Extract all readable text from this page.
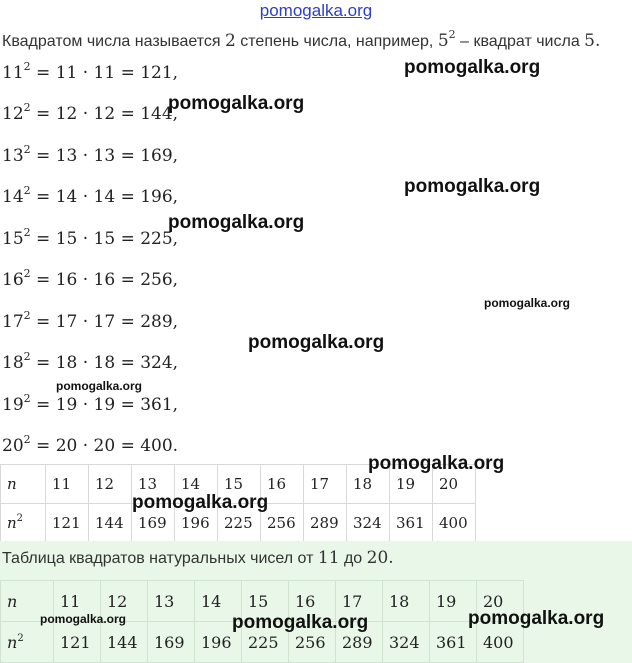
pomogalka.org
Квадратом числа называется 2 степень числа, например, $5^2$ – квадрат числа 5.
$11^2 = 11 \cdot 11 = 121$,
$12^2 = 12 \cdot 12 = 144$,
$13^2 = 13 \cdot 13 = 169$,
$14^2 = 14 \cdot 14 = 196$,
$15^2 = 15 \cdot 15 = 225$,
$16^2 = 16 \cdot 16 = 256$,
$17^2 = 17 \cdot 17 = 289$,
$18^2 = 18 \cdot 18 = 324$,
$19^2 = 19 \cdot 19 = 361$,
$20^2 = 20 \cdot 20 = 400$.
n	11	12	13	14	15	16	17	18	19	20
$n^2$	121	144	169	196	225	256	289	324	361	400
Таблица квадратов натуральных чисел от 11 до 20.
n	11	12	13	14	15	16	17	18	19	20
$n^2$	121	144	169	196	225	256	289	324	361	400
pomogalka.org
pomogalka.org
pomogalka.org
pomogalka.org
pomogalka.org
pomogalka.org
pomogalka.org
pomogalka.org
pomogalka.org
pomogalka.org	pomogalka.org	pomogalka.org
